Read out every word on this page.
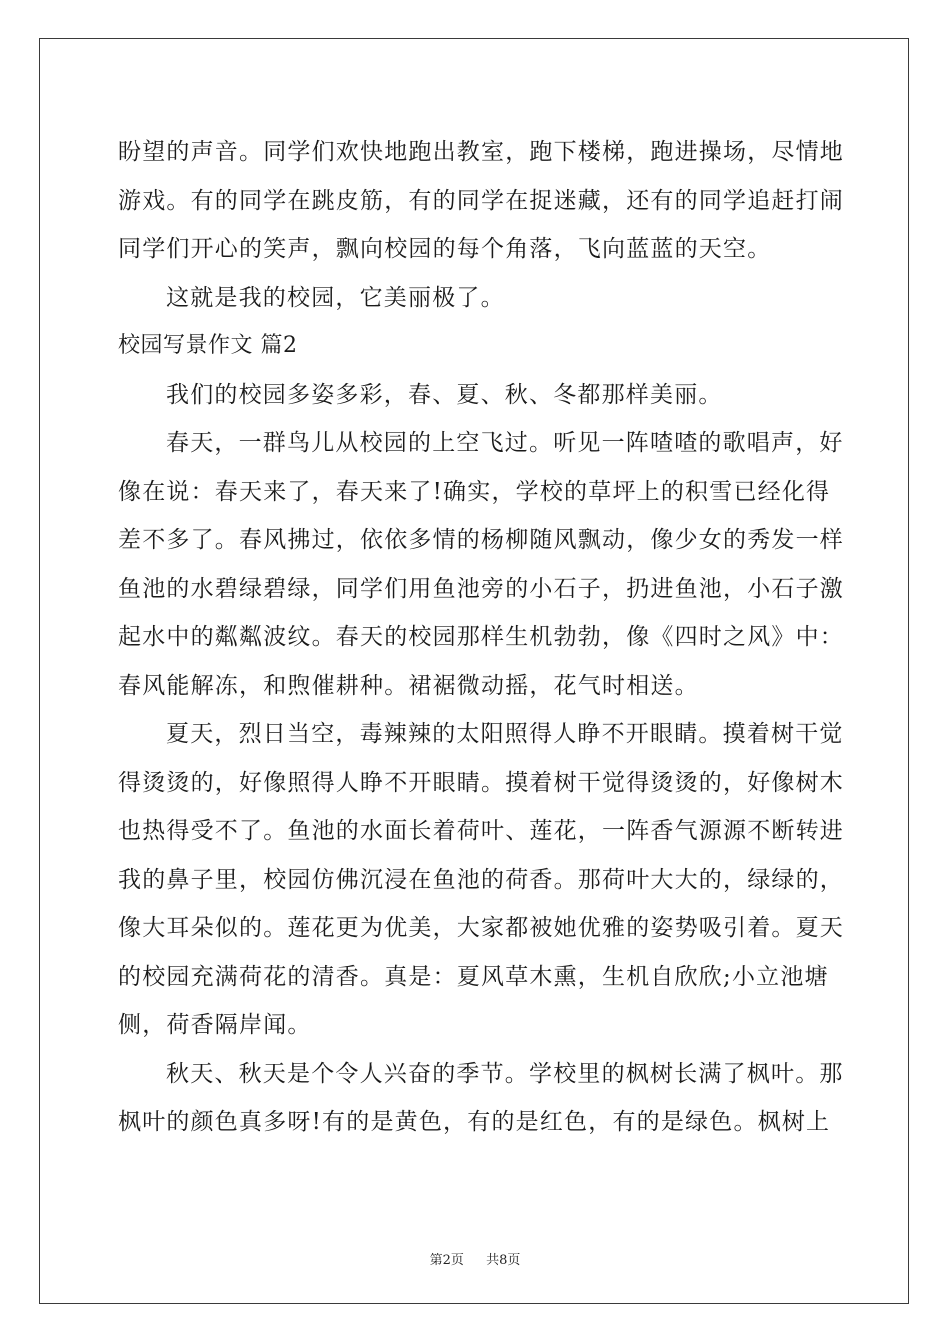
盼望的声音。同学们欢快地跑出教室，跑下楼梯，跑进操场，尽情地
游戏。有的同学在跳皮筋，有的同学在捉迷藏，还有的同学追赶打闹
同学们开心的笑声，飘向校园的每个角落，飞向蓝蓝的天空。
这就是我的校园，它美丽极了。
校园写景作文 篇2
我们的校园多姿多彩，春、夏、秋、冬都那样美丽。
春天，一群鸟儿从校园的上空飞过。听见一阵喳喳的歌唱声，好
像在说：春天来了，春天来了!确实，学校的草坪上的积雪已经化得
差不多了。春风拂过，依依多情的杨柳随风飘动，像少女的秀发一样
鱼池的水碧绿碧绿，同学们用鱼池旁的小石子，扔进鱼池，小石子激
起水中的粼粼波纹。春天的校园那样生机勃勃，像《四时之风》中：
春风能解冻，和煦催耕种。裙裾微动摇，花气时相送。
夏天，烈日当空，毒辣辣的太阳照得人睁不开眼睛。摸着树干觉
得烫烫的，好像照得人睁不开眼睛。摸着树干觉得烫烫的，好像树木
也热得受不了。鱼池的水面长着荷叶、莲花，一阵香气源源不断转进
我的鼻子里，校园仿佛沉浸在鱼池的荷香。那荷叶大大的，绿绿的，
像大耳朵似的。莲花更为优美，大家都被她优雅的姿势吸引着。夏天
的校园充满荷花的清香。真是：夏风草木熏，生机自欣欣;小立池塘
侧，荷香隔岸闻。
秋天、秋天是个令人兴奋的季节。学校里的枫树长满了枫叶。那
枫叶的颜色真多呀!有的是黄色，有的是红色，有的是绿色。枫树上
第2页 共8页
